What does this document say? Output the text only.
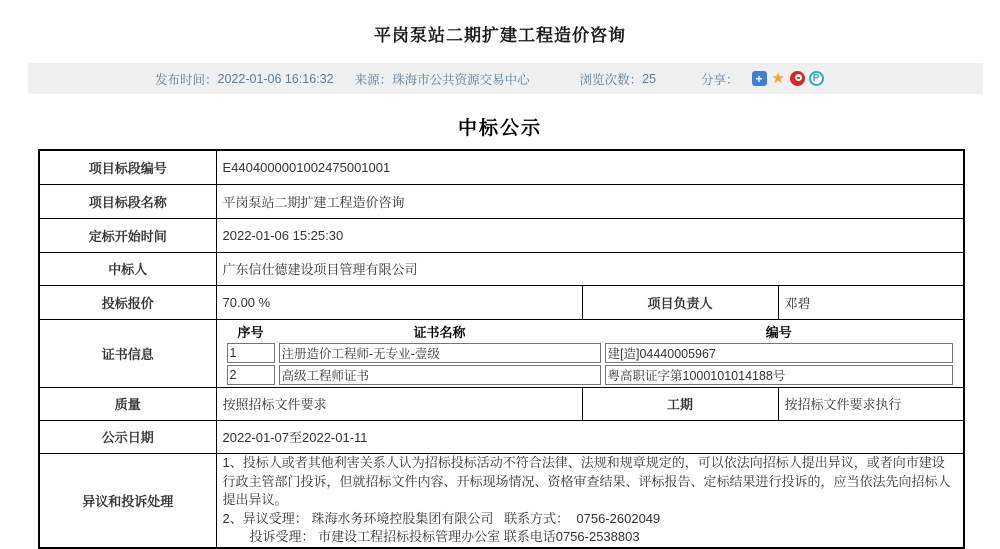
平岗泵站二期扩建工程造价咨询
发布时间： 2022-01-06 16:16:32 来源： 珠海市公共资源交易中心	浏览次数： 25	分享：	+ ★	P
中标公示
项目标段编号	E4404000001002475001001
项目标段名称	平岗泵站二期扩建工程造价咨询
定标开始时间	2022-01-06 15:25:30
中标人	广东信仕德建设项目管理有限公司
投标报价	70.00 %	项目负责人	邓碧
证书信息	
序号	证书名称	编号
1	注册造价工程师-无专业-壹级	建[造]04440005967
2	高级工程师证书	粤高职证字第1000101014188号

质量	按照招标文件要求	工期	按招标文件要求执行
公示日期	2022-01-07至2022-01-11
异议和投诉处理	
1、投标人或者其他利害关系人认为招标投标活动不符合法律、法规和规章规定的，可以依法向招标人提出异议，或者向市建设行政主管部门投诉，但就招标文件内容、开标现场情况、资格审查结果、评标报告、定标结果进行投诉的，应当依法先向招标人提出异议。
2、异议受理： 珠海水务环境控股集团有限公司   联系方式：  0756-2602049
投诉受理： 市建设工程招标投标管理办公室 联系电话0756-2538803
